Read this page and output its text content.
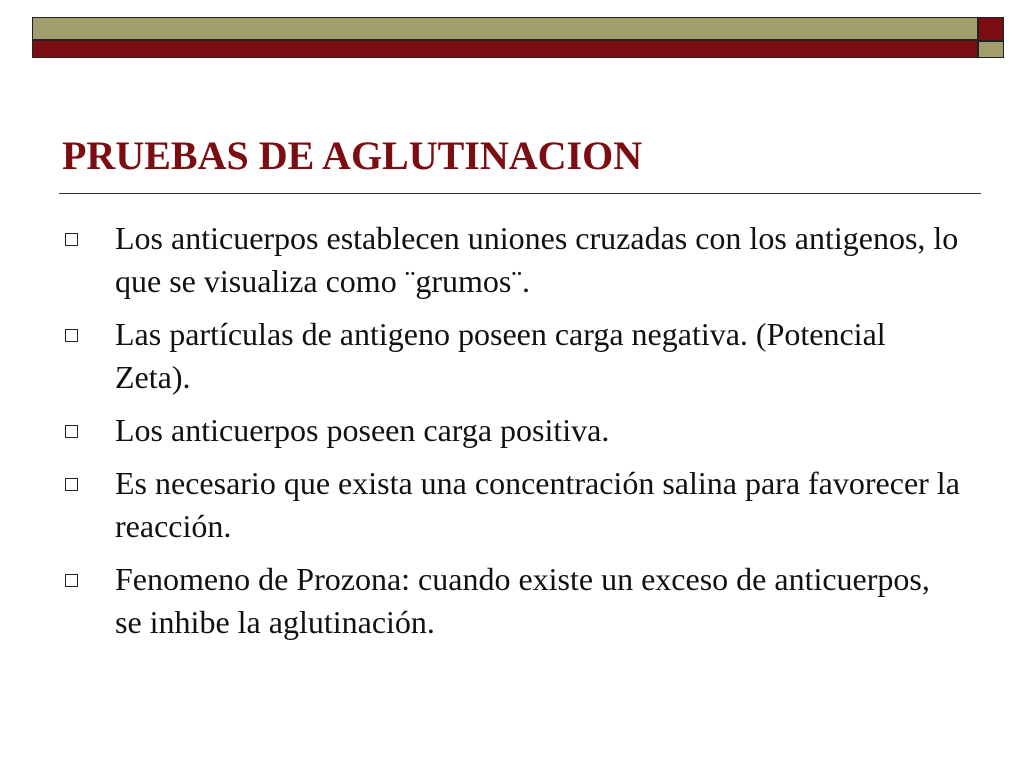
PRUEBAS DE AGLUTINACION
Los anticuerpos establecen uniones cruzadas con los antigenos, lo que se visualiza como ¨grumos¨.
Las partículas de antigeno poseen carga negativa. (Potencial Zeta).
Los anticuerpos poseen carga positiva.
Es necesario que exista una concentración salina para favorecer la reacción.
Fenomeno de Prozona: cuando existe un exceso de anticuerpos, se inhibe la aglutinación.
